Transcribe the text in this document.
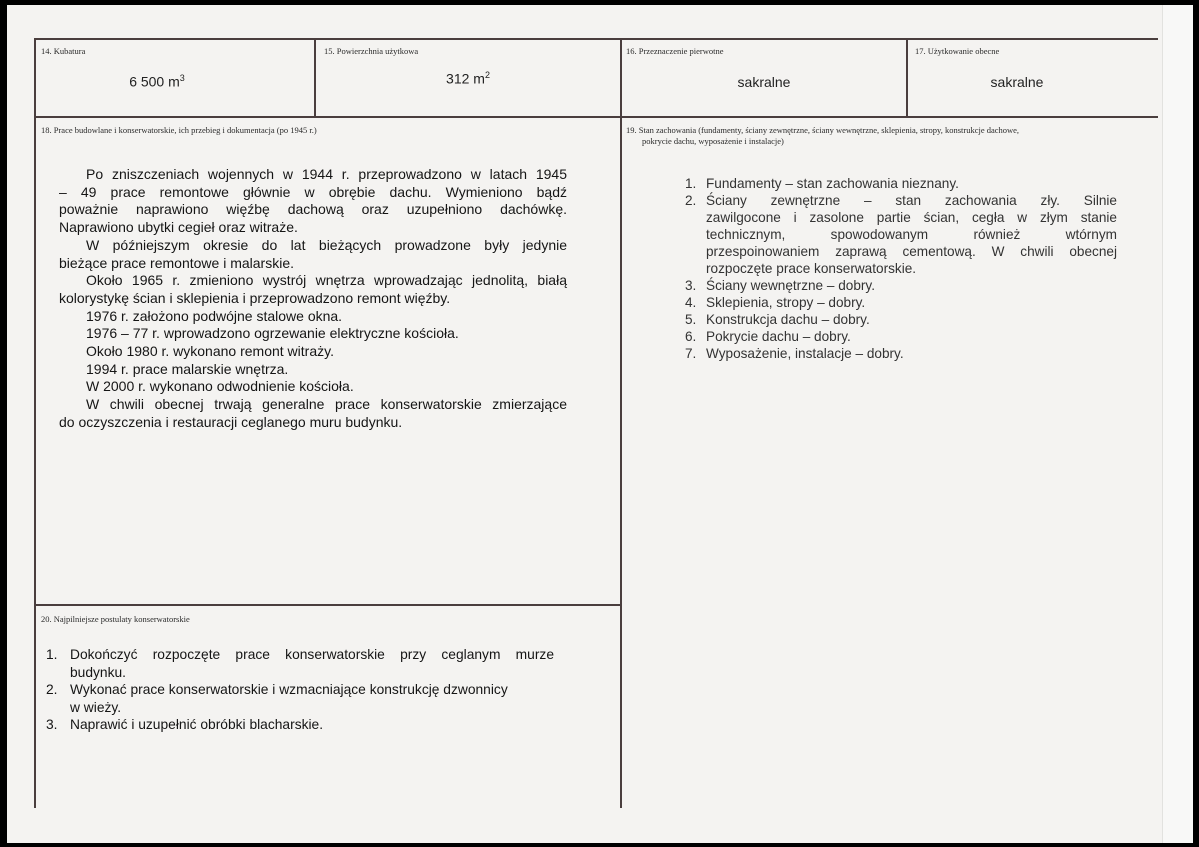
14. Kubatura
6 500 $m^3$
15. Powierzchnia użytkowa
312 $m^2$
16. Przeznaczenie pierwotne
sakralne
17. Użytkowanie obecne
sakralne
18. Prace budowlane i konserwatorskie, ich przebieg i dokumentacja (po 1945 r.)

Po zniszczeniach wojennych w 1944 r. przeprowadzono w latach 1945

– 49 prace remontowe głównie w obrębie dachu. Wymieniono bądź

poważnie naprawiono więźbę dachową oraz uzupełniono dachówkę.

Naprawiono ubytki cegieł oraz witraże.

W późniejszym okresie do lat bieżących prowadzone były jedynie

bieżące prace remontowe i malarskie.

Około 1965 r. zmieniono wystrój wnętrza wprowadzając jednolitą, białą

kolorystykę ścian i sklepienia i przeprowadzono remont więźby.

1976 r. założono podwójne stalowe okna.

1976 – 77 r. wprowadzono ogrzewanie elektryczne kościoła.

Około 1980 r. wykonano remont witraży.

1994 r. prace malarskie wnętrza.

W 2000 r. wykonano odwodnienie kościoła.

W chwili obecnej trwają generalne prace konserwatorskie zmierzające

do oczyszczenia i restauracji ceglanego muru budynku.

19. Stan zachowania (fundamenty, ściany zewnętrzne, ściany wewnętrzne, sklepienia, stropy, konstrukcje dachowe,
pokrycie dachu, wyposażenie i instalacje)
1. Fundamenty – stan zachowania nieznany.
2. Ściany zewnętrzne – stan zachowania zły. Silnie
zawilgocone i zasolone partie ścian, cegła w złym stanie
technicznym, spowodowanym również wtórnym
przespoinowaniem zaprawą cementową. W chwili obecnej
rozpoczęte prace konserwatorskie.
3. Ściany wewnętrzne – dobry.
4. Sklepienia, stropy – dobry.
5. Konstrukcja dachu – dobry.
6. Pokrycie dachu – dobry.
7. Wyposażenie, instalacje – dobry.
20. Najpilniejsze postulaty konserwatorskie
1. Dokończyć rozpoczęte prace konserwatorskie przy ceglanym murze
budynku.
2. Wykonać prace konserwatorskie i wzmacniające konstrukcję dzwonnicy
w wieży.
3. Naprawić i uzupełnić obróbki blacharskie.
